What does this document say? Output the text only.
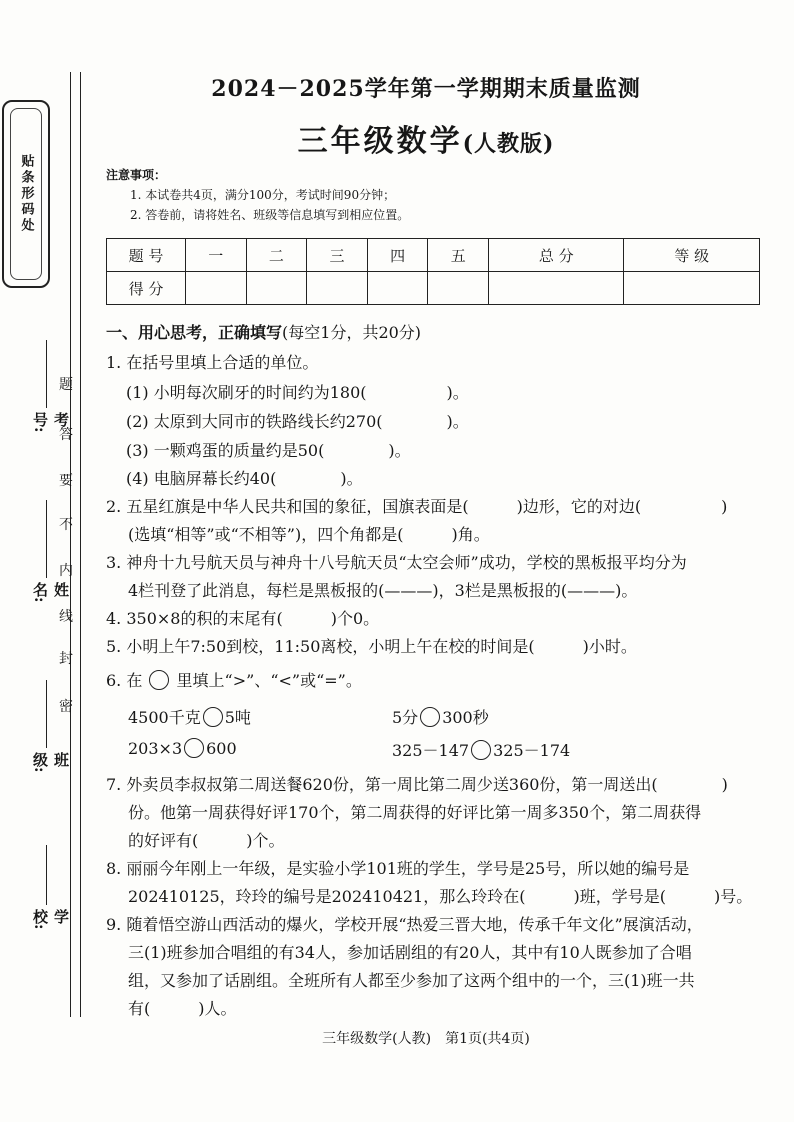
贴条形码处
题
答
要
不
内
线
封
密
考号:
姓名:
班级:
学校:
2024－2025学年第一学期期末质量监测
三年级数学(人教版)
注意事项：
1. 本试卷共4页，满分100分，考试时间90分钟；
2. 答卷前，请将姓名、班级等信息填写到相应位置。
题 号	一	二	三	四	五	总 分	等 级
得 分							
一、用心思考，正确填写(每空1分，共20分)
1. 在括号里填上合适的单位。
(1) 小明每次刷牙的时间约为180(　　　　　)。
(2) 太原到大同市的铁路线长约270(　　　　)。
(3) 一颗鸡蛋的质量约是50(　　　　)。
(4) 电脑屏幕长约40(　　　　)。
2. 五星红旗是中华人民共和国的象征，国旗表面是(　　　)边形，它的对边(　　　　　)
(选填“相等”或“不相等”)，四个角都是(　　　)角。
3. 神舟十九号航天员与神舟十八号航天员“太空会师”成功，学校的黑板报平均分为
4栏刊登了此消息，每栏是黑板报的(———)，3栏是黑板报的(———)。
4. 350×8的积的末尾有(　　　)个0。
5. 小明上午7:50到校，11:50离校，小明上午在校的时间是(　　　)小时。
6. 在 里填上“>”、“<”或“=”。
4500千克 5吨	5分 300秒
203×3 600	325－147 325－174
7. 外卖员李叔叔第二周送餐620份，第一周比第二周少送360份，第一周送出(　　　　)
份。他第一周获得好评170个，第二周获得的好评比第一周多350个，第二周获得
的好评有(　　　)个。
8. 丽丽今年刚上一年级，是实验小学101班的学生，学号是25号，所以她的编号是
202410125，玲玲的编号是202410421，那么玲玲在(　　　)班，学号是(　　　)号。
9. 随着悟空游山西活动的爆火，学校开展“热爱三晋大地，传承千年文化”展演活动，
三(1)班参加合唱组的有34人，参加话剧组的有20人，其中有10人既参加了合唱
组，又参加了话剧组。全班所有人都至少参加了这两个组中的一个，三(1)班一共
有(　　　)人。
三年级数学(人教)　第1页(共4页)
